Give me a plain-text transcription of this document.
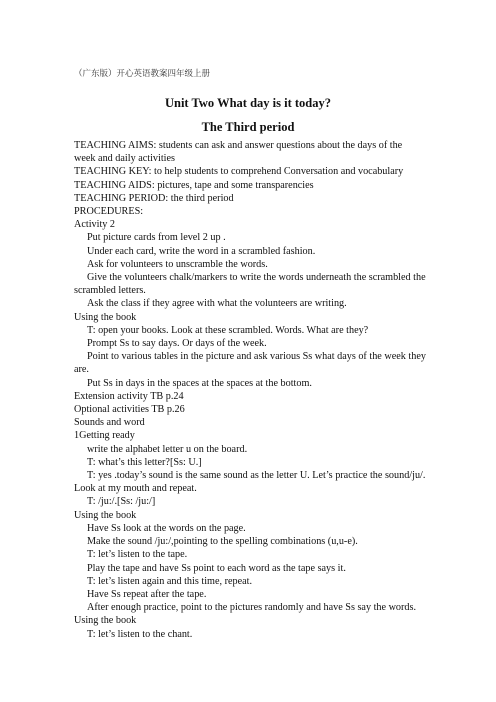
（广东版）开心英语教案四年级上册
Unit Two What day is it today?
The Third period

TEACHING AIMS: students can ask and answer questions about the days of the week and daily activities

TEACHING KEY: to help students to comprehend Conversation and vocabulary

TEACHING AIDS: pictures, tape and some transparencies

TEACHING PERIOD: the third period

PROCEDURES:

Activity 2

Put picture cards from level 2 up .

Under each card, write the word in a scrambled fashion.

Ask for volunteers to unscramble the words.

Give the volunteers chalk/markers to write the words underneath the scrambled the scrambled letters.

Ask the class if they agree with what the volunteers are writing.

Using the book

T: open your books. Look at these scrambled. Words. What are they?

Prompt Ss to say days. Or days of the week.

Point to various tables in the picture and ask various Ss what days of the week they are.

Put Ss in days in the spaces at the spaces at the bottom.

Extension activity TB p.24

Optional activities TB p.26

Sounds and word

1Getting ready

write the alphabet letter u on the board.

T: what’s this letter?[Ss: U.]

T: yes .today’s sound is the same sound as the letter U. Let’s practice the sound/ju/. Look at my mouth and repeat.

T: /ju:/.[Ss: /ju:/]

Using the book

Have Ss look at the words on the page.

Make the sound /ju:/,pointing to the spelling combinations (u,u-e).

T: let’s listen to the tape.

Play the tape and have Ss point to each word as the tape says it.

T: let’s listen again and this time, repeat.

Have Ss repeat after the tape.

After enough practice, point to the pictures randomly and have Ss say the words.

Using the book

T: let’s listen to the chant.
